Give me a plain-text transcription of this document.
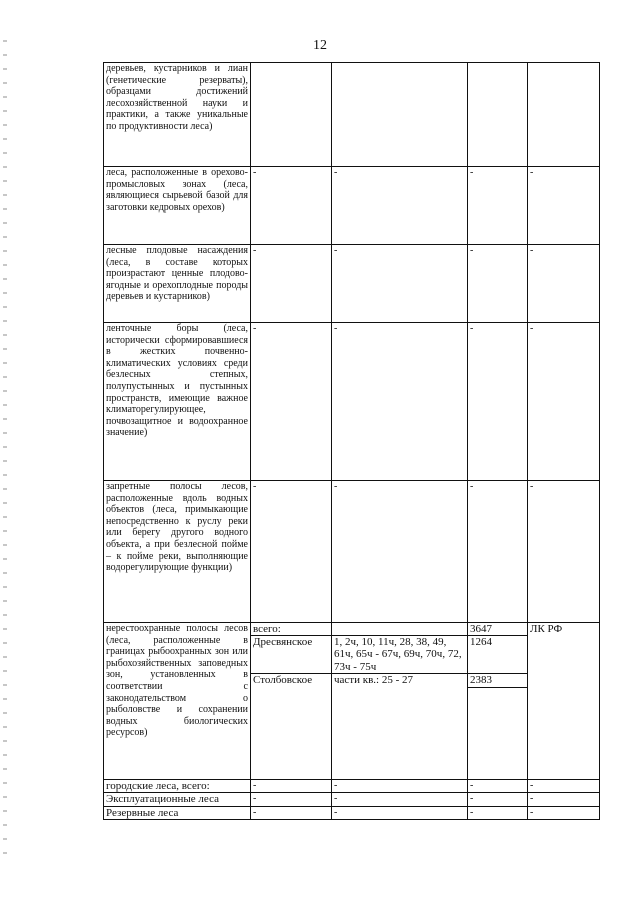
12
деревьев, кустарников и лиан (генетические резерваты), образцами достижений лесохозяйственной науки и практики, а также уникальные по продуктивности леса)				
леса, расположенные в орехово-промысловых зонах (леса, являющиеся сырьевой базой для заготовки кедровых орехов)	-	-	-	-
лесные плодовые насаждения (леса, в составе которых произрастают ценные плодово-ягодные и орехоплодные породы деревьев и кустарников)	-	-	-	-
ленточные боры (леса, исторически сформировавшиеся в жестких почвенно-климатических условиях среди безлесных степных, полупустынных и пустынных пространств, имеющие важное климаторегулирующее, почвозащитное и водоохранное значение)	-	-	-	-
запретные полосы лесов, расположенные вдоль водных объектов (леса, примыкающие непосредственно к руслу реки или берегу другого водного объекта, а при безлесной пойме – к пойме реки, выполняющие водорегулирующие функции)	-	-	-	-
нерестоохранные полосы лесов (леса, расположенные в границах рыбоохранных зон или рыбохозяйственных заповедных зон, установленных в соответствии с законодательством о рыболовстве и сохранении водных биологических ресурсов)	всего:		3647	ЛК РФ
	Дресвянское	1, 2ч, 10, 11ч, 28, 38, 49, 61ч, 65ч - 67ч, 69ч, 70ч, 72, 73ч - 75ч	1264	
	Столбовское	части кв.: 25 - 27	2383	

городские леса, всего:	-	-	-	-
Эксплуатационные леса	-	-	-	-
Резервные леса	-	-	-	-
